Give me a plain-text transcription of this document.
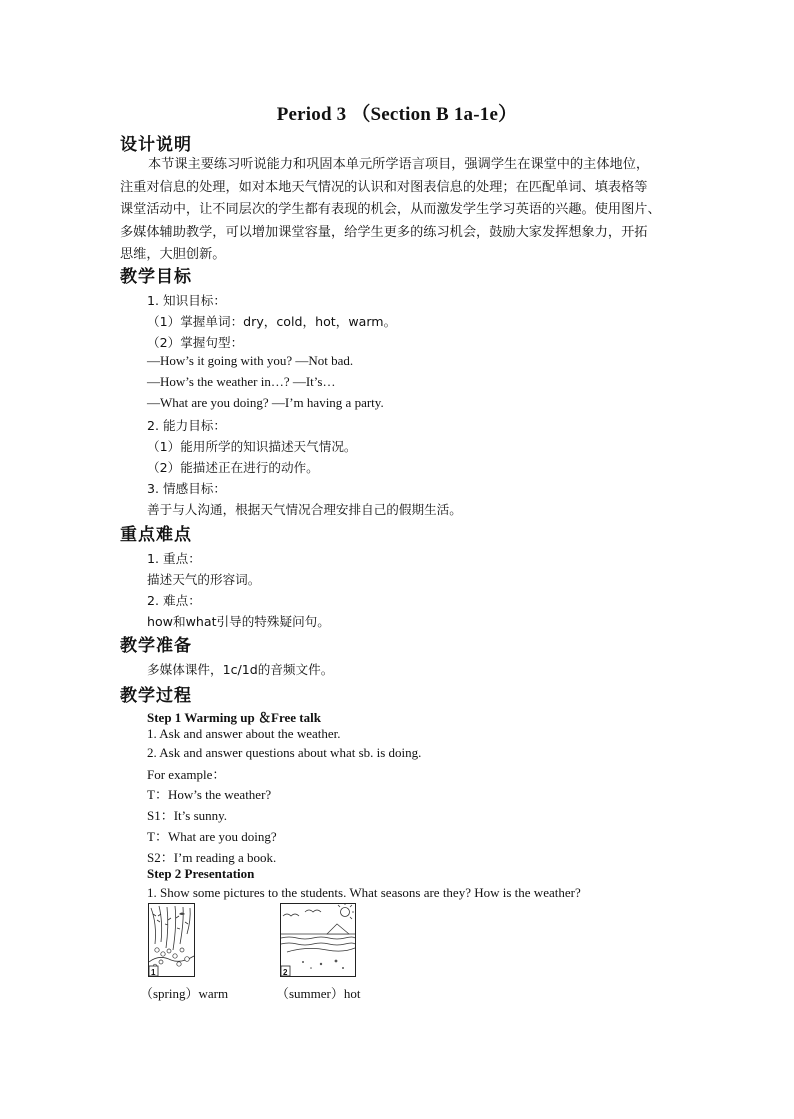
Period 3 （Section B 1a-1e）
设计说明
本节课主要练习听说能力和巩固本单元所学语言项目，强调学生在课堂中的主体地位，
注重对信息的处理，如对本地天气情况的认识和对图表信息的处理；在匹配单词、填表格等
课堂活动中，让不同层次的学生都有表现的机会，从而激发学生学习英语的兴趣。使用图片、
多媒体辅助教学，可以增加课堂容量，给学生更多的练习机会，鼓励大家发挥想象力，开拓
思维，大胆创新。
教学目标
1. 知识目标：
（1）掌握单词：dry，cold，hot，warm。
（2）掌握句型：
—How’s it going with you? —Not bad.
—How’s the weather in…? —It’s…
—What are you doing? —I’m having a party.
2. 能力目标：
（1）能用所学的知识描述天气情况。
（2）能描述正在进行的动作。
3. 情感目标：
善于与人沟通，根据天气情况合理安排自己的假期生活。
重点难点
1. 重点：
描述天气的形容词。
2. 难点：
how和what引导的特殊疑问句。
教学准备
多媒体课件，1c/1d的音频文件。
教学过程
Step 1 Warming up ＆Free talk
1. Ask and answer about the weather.
2. Ask and answer questions about what sb. is doing.
For example：
T：How’s the weather?
S1：It’s sunny.
T：What are you doing?
S2：I’m reading a book.
Step 2 Presentation
1. Show some pictures to the students. What seasons are they? How is the weather?
1	2
（spring）warm	（summer）hot
